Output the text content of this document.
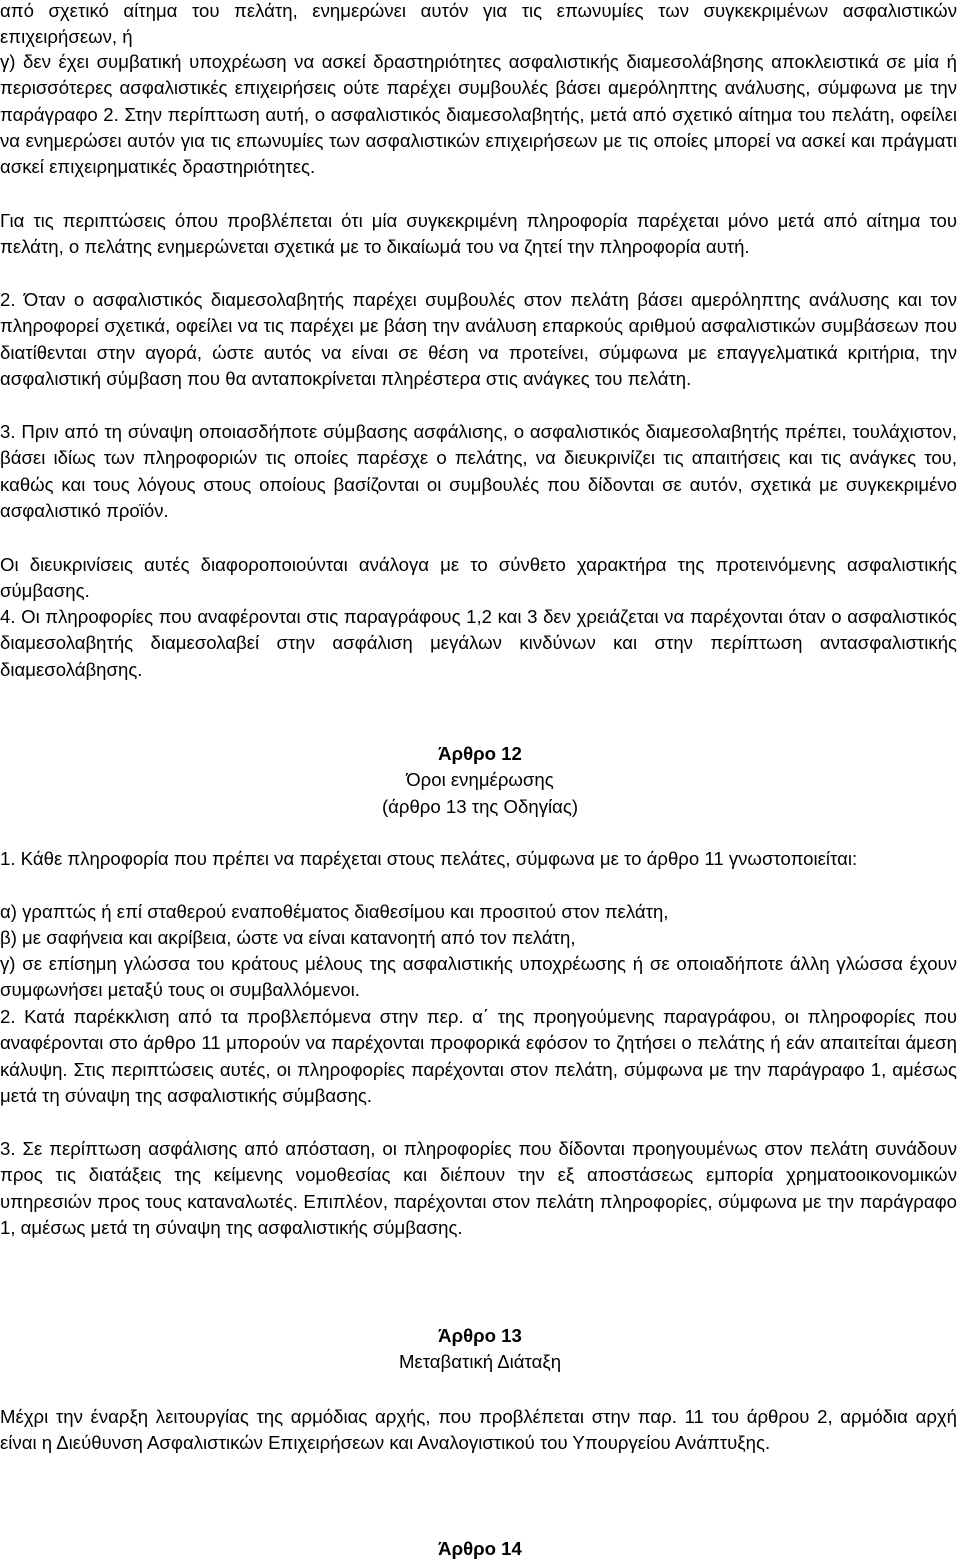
από σχετικό αίτημα του πελάτη, ενημερώνει αυτόν για τις επωνυμίες των συγκεκριμένων ασφαλιστικών επιχειρήσεων, ή

γ) δεν έχει συμβατική υποχρέωση να ασκεί δραστηριότητες ασφαλιστικής διαμεσολάβησης αποκλειστικά σε μία ή περισσότερες ασφαλιστικές επιχειρήσεις ούτε παρέχει συμβουλές βάσει αμερόληπτης ανάλυσης, σύμφωνα με την παράγραφο 2. Στην περίπτωση αυτή, ο ασφαλιστικός διαμεσολαβητής, μετά από σχετικό αίτημα του πελάτη, οφείλει να ενημερώσει αυτόν για τις επωνυμίες των ασφαλιστικών επιχειρήσεων με τις οποίες μπορεί να ασκεί και πράγματι ασκεί επιχειρηματικές δραστηριότητες.

Για τις περιπτώσεις όπου προβλέπεται ότι μία συγκεκριμένη πληροφορία παρέχεται μόνο μετά από αίτημα του πελάτη, ο πελάτης ενημερώνεται σχετικά με το δικαίωμά του να ζητεί την πληροφορία αυτή.

2. Όταν ο ασφαλιστικός διαμεσολαβητής παρέχει συμβουλές στον πελάτη βάσει αμερόληπτης ανάλυσης και τον πληροφορεί σχετικά, οφείλει να τις παρέχει με βάση την ανάλυση επαρκούς αριθμού ασφαλιστικών συμβάσεων που διατίθενται στην αγορά, ώστε αυτός να είναι σε θέση να προτείνει, σύμφωνα με επαγγελματικά κριτήρια, την ασφαλιστική σύμβαση που θα ανταποκρίνεται πληρέστερα στις ανάγκες του πελάτη.

3. Πριν από τη σύναψη οποιασδήποτε σύμβασης ασφάλισης, ο ασφαλιστικός διαμεσολαβητής πρέπει, τουλάχιστον, βάσει ιδίως των πληροφοριών τις οποίες παρέσχε ο πελάτης, να διευκρινίζει τις απαιτήσεις και τις ανάγκες του, καθώς και τους λόγους στους οποίους βασίζονται οι συμβουλές που δίδονται σε αυτόν, σχετικά με συγκεκριμένο ασφαλιστικό προϊόν.

Οι διευκρινίσεις αυτές διαφοροποιούνται ανάλογα με το σύνθετο χαρακτήρα της προτεινόμενης ασφαλιστικής σύμβασης.

4. Οι πληροφορίες που αναφέρονται στις παραγράφους 1,2 και 3 δεν χρειάζεται να παρέχονται όταν ο ασφαλιστικός διαμεσολαβητής διαμεσολαβεί στην ασφάλιση μεγάλων κινδύνων και στην περίπτωση αντασφαλιστικής διαμεσολάβησης.

Άρθρο 12

Όροι ενημέρωσης

(άρθρο 13 της Οδηγίας)

1. Κάθε πληροφορία που πρέπει να παρέχεται στους πελάτες, σύμφωνα με το άρθρο 11 γνωστοποιείται:

α) γραπτώς ή επί σταθερού εναποθέματος διαθεσίμου και προσιτού στον πελάτη,

β) με σαφήνεια και ακρίβεια, ώστε να είναι κατανοητή από τον πελάτη,

γ) σε επίσημη γλώσσα του κράτους μέλους της ασφαλιστικής υποχρέωσης ή σε οποιαδήποτε άλλη γλώσσα έχουν συμφωνήσει μεταξύ τους οι συμβαλλόμενοι.

2. Κατά παρέκκλιση από τα προβλεπόμενα στην περ. α΄ της προηγούμενης παραγράφου, οι πληροφορίες που αναφέρονται στο άρθρο 11 μπορούν να παρέχονται προφορικά εφόσον το ζητήσει ο πελάτης ή εάν απαιτείται άμεση κάλυψη. Στις περιπτώσεις αυτές, οι πληροφορίες παρέχονται στον πελάτη, σύμφωνα με την παράγραφο 1, αμέσως μετά τη σύναψη της ασφαλιστικής σύμβασης.

3. Σε περίπτωση ασφάλισης από απόσταση, οι πληροφορίες που δίδονται προηγουμένως στον πελάτη συνάδουν προς τις διατάξεις της κείμενης νομοθεσίας και διέπουν την εξ αποστάσεως εμπορία χρηματοοικονομικών υπηρεσιών προς τους καταναλωτές. Επιπλέον, παρέχονται στον πελάτη πληροφορίες, σύμφωνα με την παράγραφο 1, αμέσως μετά τη σύναψη της ασφαλιστικής σύμβασης.

Άρθρο 13

Μεταβατική Διάταξη

Μέχρι την έναρξη λειτουργίας της αρμόδιας αρχής, που προβλέπεται στην παρ. 11 του άρθρου 2, αρμόδια αρχή είναι η Διεύθυνση Ασφαλιστικών Επιχειρήσεων και Αναλογιστικού του Υπουργείου Ανάπτυξης.

Άρθρο 14
